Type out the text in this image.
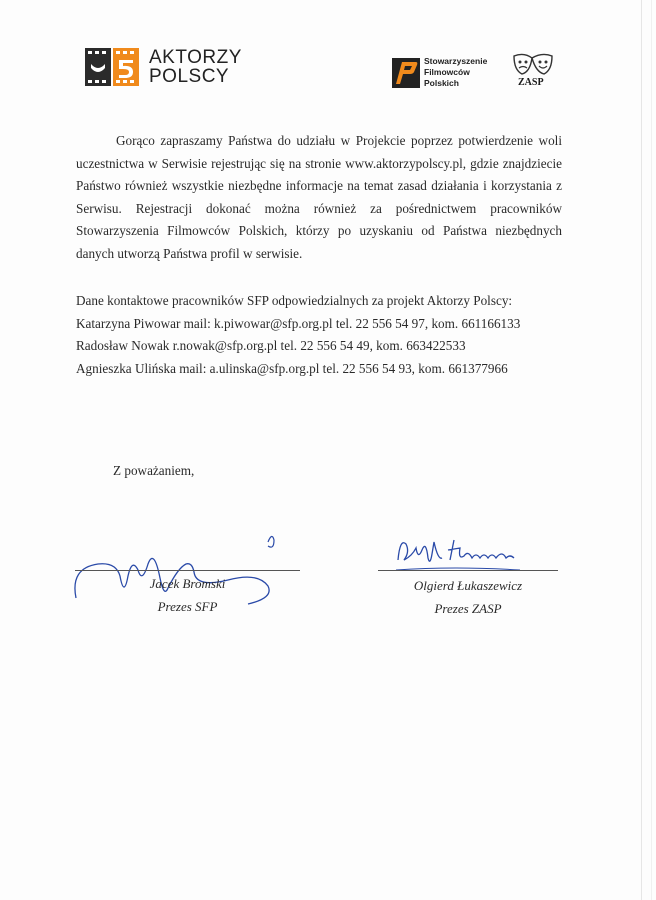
AKTORZY
POLSCY
Stowarzyszenie
Filmowców
Polskich	ZASP
Gorąco zapraszamy Państwa do udziału w Projekcie poprzez potwierdzenie woli uczestnictwa w Serwisie rejestrując się na stronie www.aktorzypolscy.pl, gdzie znajdziecie Państwo również wszystkie niezbędne informacje na temat zasad działania i korzystania z Serwisu. Rejestracji dokonać można również za pośrednictwem pracowników Stowarzyszenia Filmowców Polskich, którzy po uzyskaniu od Państwa niezbędnych danych utworzą Państwa profil w serwisie.
Dane kontaktowe pracowników SFP odpowiedzialnych za projekt Aktorzy Polscy:
Katarzyna Piwowar mail: k.piwowar@sfp.org.pl tel. 22 556 54 97, kom. 661166133
Radosław Nowak r.nowak@sfp.org.pl tel. 22 556 54 49, kom. 663422533
Agnieszka Ulińska mail: a.ulinska@sfp.org.pl tel. 22 556 54 93, kom. 661377966
Z poważaniem,
Jacek Bromski
Prezes SFP
Olgierd Łukaszewicz
Prezes ZASP
